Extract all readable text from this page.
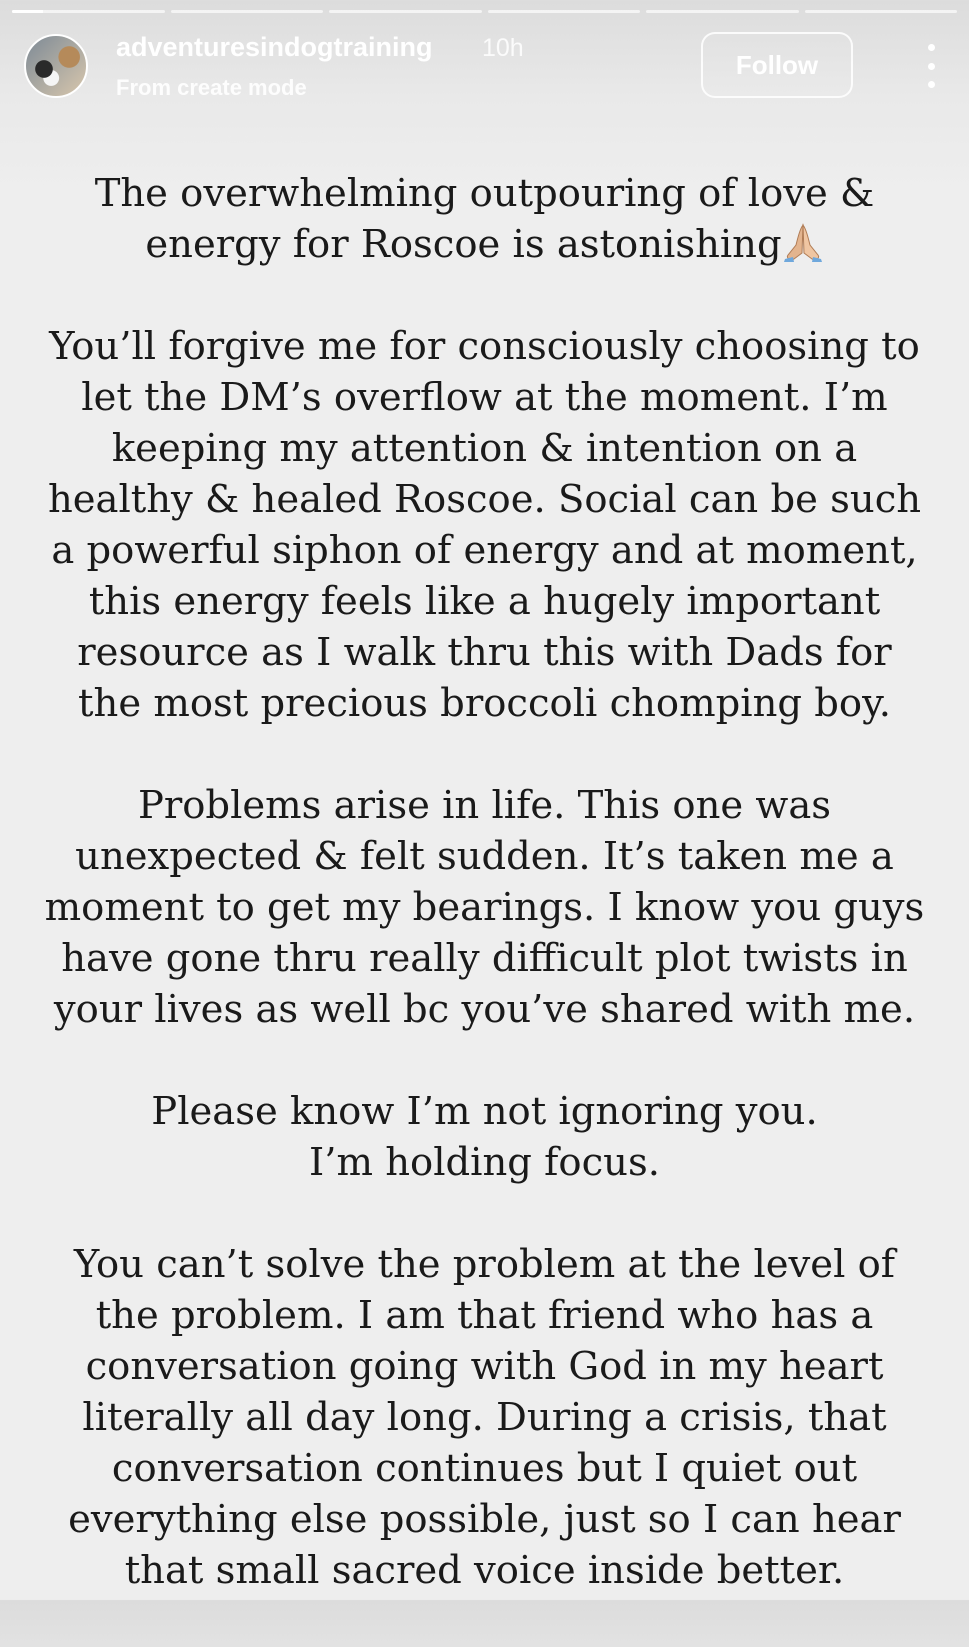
adventuresindogtraining 10h
From create mode
Follow

The overwhelming outpouring of love &
energy for Roscoe is astonishing

You’ll forgive me for consciously choosing to
let the DM’s overflow at the moment. I’m
keeping my attention & intention on a
healthy & healed Roscoe. Social can be such
a powerful siphon of energy and at moment,
this energy feels like a hugely important
resource as I walk thru this with Dads for
the most precious broccoli chomping boy.

Problems arise in life. This one was
unexpected & felt sudden. It’s taken me a
moment to get my bearings. I know you guys
have gone thru really difficult plot twists in
your lives as well bc you’ve shared with me.

Please know I’m not ignoring you.
I’m holding focus.

You can’t solve the problem at the level of
the problem. I am that friend who has a
conversation going with God in my heart
literally all day long. During a crisis, that
conversation continues but I quiet out
everything else possible, just so I can hear
that small sacred voice inside better.
